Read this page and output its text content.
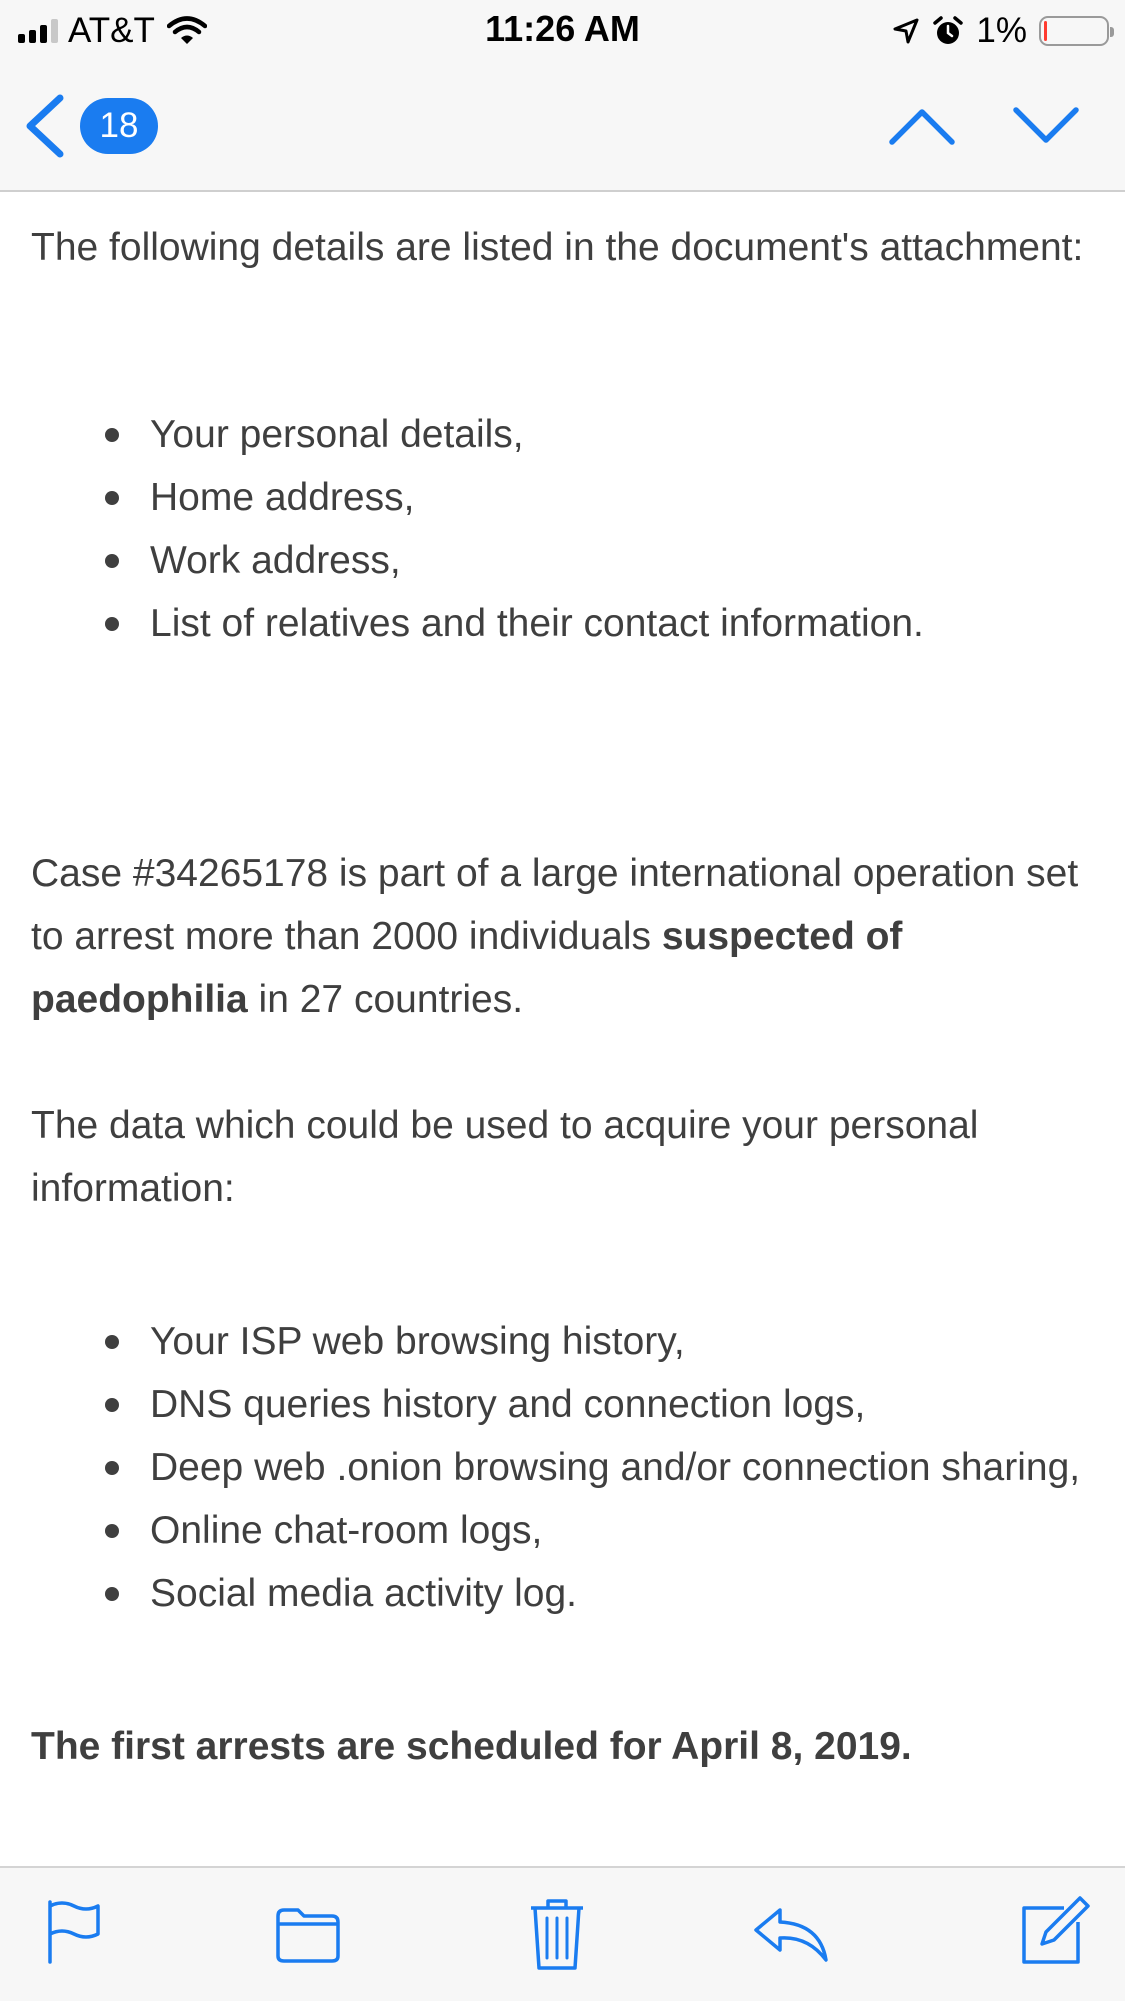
AT&T	11:26 AM	1%
18

The following details are listed in the document's attachment:

Your personal details,
Home address,
Work address,
List of relatives and their contact information.

Case #34265178 is part of a large international operation set to arrest more than 2000 individuals suspected of paedophilia in 27 countries.

The data which could be used to acquire your personal information:

Your ISP web browsing history,
DNS queries history and connection logs,
Deep web .onion browsing and/or connection sharing,
Online chat-room logs,
Social media activity log.

The first arrests are scheduled for April 8, 2019.
